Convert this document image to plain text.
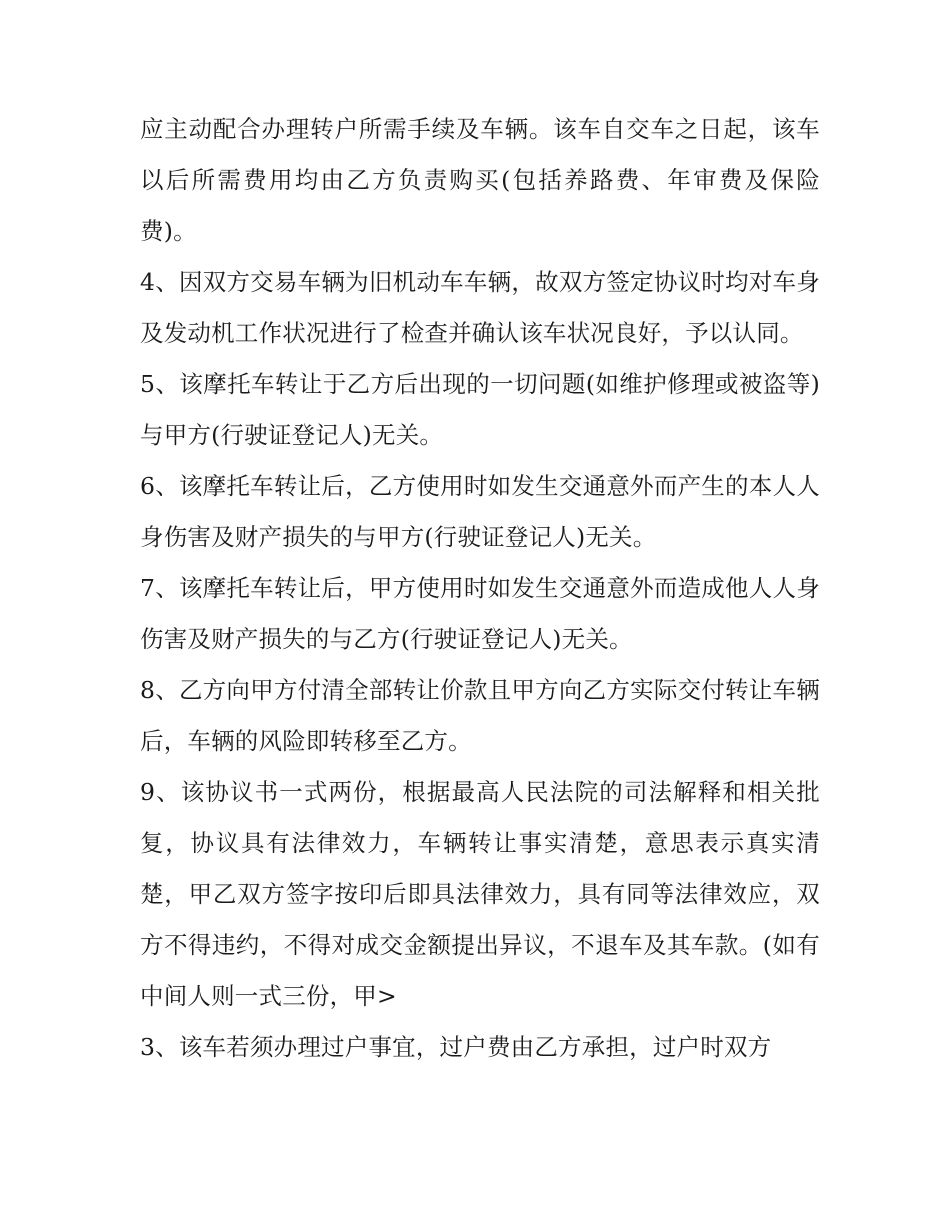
应主动配合办理转户所需手续及车辆。该车自交车之日起，该车以后所需费用均由乙方负责购买(包括养路费、年审费及保险费)。

4、因双方交易车辆为旧机动车车辆，故双方签定协议时均对车身及发动机工作状况进行了检查并确认该车状况良好，予以认同。

5、该摩托车转让于乙方后出现的一切问题(如维护修理或被盗等)与甲方(行驶证登记人)无关。

6、该摩托车转让后，乙方使用时如发生交通意外而产生的本人人身伤害及财产损失的与甲方(行驶证登记人)无关。

7、该摩托车转让后，甲方使用时如发生交通意外而造成他人人身伤害及财产损失的与乙方(行驶证登记人)无关。

8、乙方向甲方付清全部转让价款且甲方向乙方实际交付转让车辆后，车辆的风险即转移至乙方。

9、该协议书一式两份，根据最高人民法院的司法解释和相关批复，协议具有法律效力，车辆转让事实清楚，意思表示真实清楚，甲乙双方签字按印后即具法律效力，具有同等法律效应，双方不得违约，不得对成交金额提出异议，不退车及其车款。(如有中间人则一式三份，甲>

3、该车若须办理过户事宜，过户费由乙方承担，过户时双方
